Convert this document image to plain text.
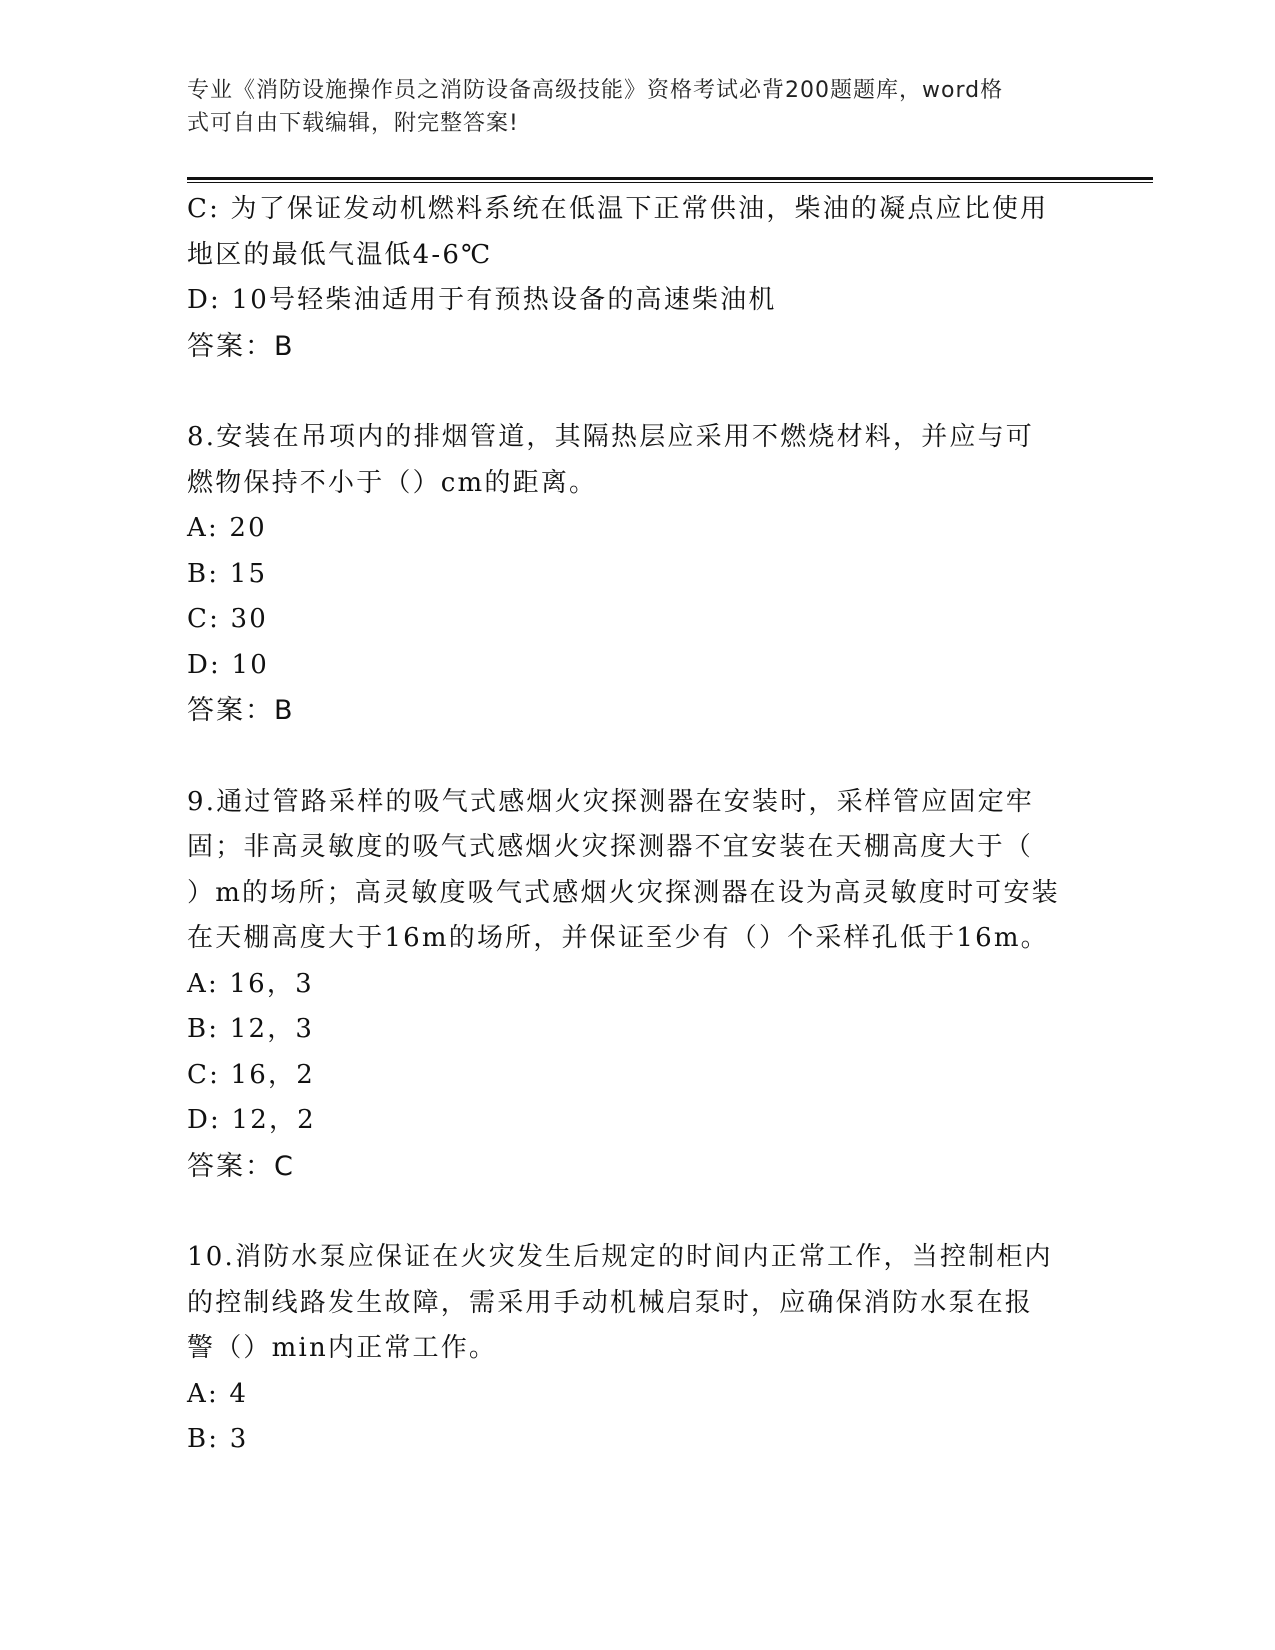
专业《消防设施操作员之消防设备高级技能》资格考试必背200题题库，word格
式可自由下载编辑，附完整答案!
C: 为了保证发动机燃料系统在低温下正常供油，柴油的凝点应比使用
地区的最低气温低4-6℃
D: 10号轻柴油适用于有预热设备的高速柴油机
答案：B
8.安装在吊项内的排烟管道，其隔热层应采用不燃烧材料，并应与可
燃物保持不小于（）cm的距离。
A: 20
B: 15
C: 30
D: 10
答案：B
9.通过管路采样的吸气式感烟火灾探测器在安装时，采样管应固定牢
固；非高灵敏度的吸气式感烟火灾探测器不宜安装在天棚高度大于（
）m的场所；高灵敏度吸气式感烟火灾探测器在设为高灵敏度时可安装
在天棚高度大于16m的场所，并保证至少有（）个采样孔低于16m。
A: 16，3
B: 12，3
C: 16，2
D: 12，2
答案：C
10.消防水泵应保证在火灾发生后规定的时间内正常工作，当控制柜内
的控制线路发生故障，需采用手动机械启泵时，应确保消防水泵在报
警（）min内正常工作。
A: 4
B: 3
